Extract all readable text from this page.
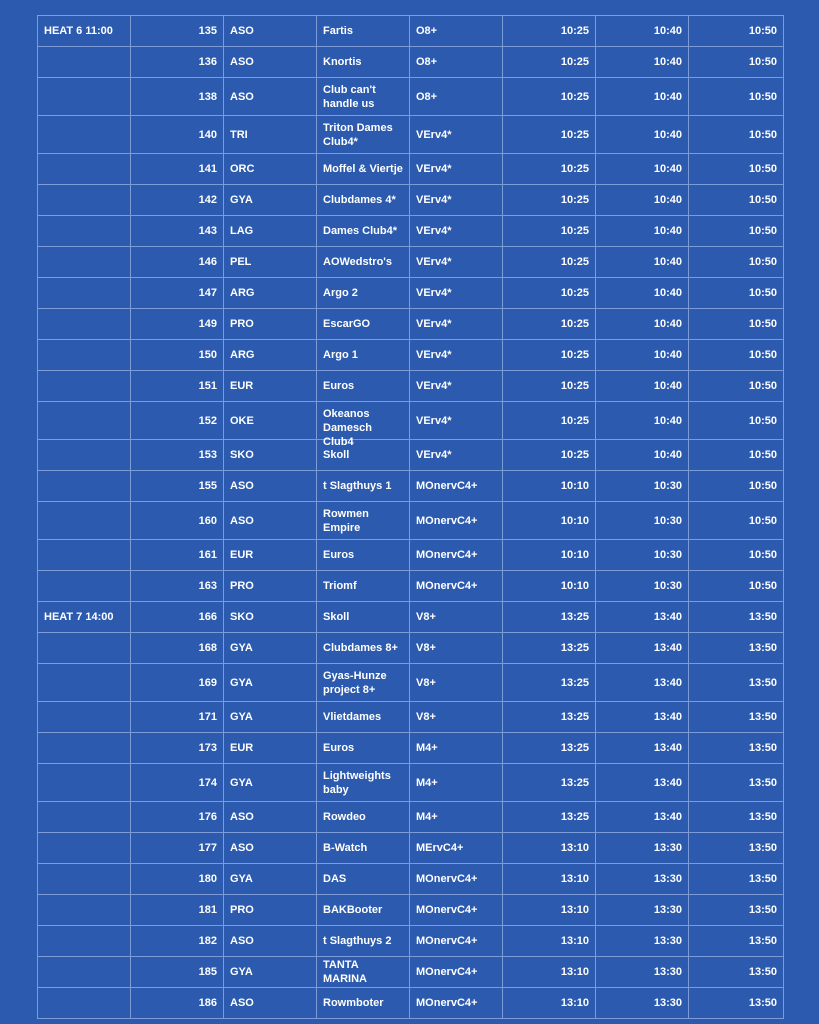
HEAT 6 11:00	135	ASO	Fartis	O8+	10:25	10:40	10:50
	136	ASO	Knortis	O8+	10:25	10:40	10:50
	138	ASO	Club can't handle us	O8+	10:25	10:40	10:50
	140	TRI	Triton Dames Club4*	VErv4*	10:25	10:40	10:50
	141	ORC	Moffel & Viertje	VErv4*	10:25	10:40	10:50
	142	GYA	Clubdames 4*	VErv4*	10:25	10:40	10:50
	143	LAG	Dames Club4*	VErv4*	10:25	10:40	10:50
	146	PEL	AOWedstro's	VErv4*	10:25	10:40	10:50
	147	ARG	Argo 2	VErv4*	10:25	10:40	10:50
	149	PRO	EscarGO	VErv4*	10:25	10:40	10:50
	150	ARG	Argo 1	VErv4*	10:25	10:40	10:50
	151	EUR	Euros	VErv4*	10:25	10:40	10:50
	152	OKE	Okeanos Damesch Club4	VErv4*	10:25	10:40	10:50
	153	SKO	Skoll	VErv4*	10:25	10:40	10:50
	155	ASO	t Slagthuys 1	MOnervC4+	10:10	10:30	10:50
	160	ASO	Rowmen Empire	MOnervC4+	10:10	10:30	10:50
	161	EUR	Euros	MOnervC4+	10:10	10:30	10:50
	163	PRO	Triomf	MOnervC4+	10:10	10:30	10:50
HEAT 7 14:00	166	SKO	Skoll	V8+	13:25	13:40	13:50
	168	GYA	Clubdames 8+	V8+	13:25	13:40	13:50
	169	GYA	Gyas-Hunze project 8+	V8+	13:25	13:40	13:50
	171	GYA	Vlietdames	V8+	13:25	13:40	13:50
	173	EUR	Euros	M4+	13:25	13:40	13:50
	174	GYA	Lightweights baby	M4+	13:25	13:40	13:50
	176	ASO	Rowdeo	M4+	13:25	13:40	13:50
	177	ASO	B-Watch	MErvC4+	13:10	13:30	13:50
	180	GYA	DAS	MOnervC4+	13:10	13:30	13:50
	181	PRO	BAKBooter	MOnervC4+	13:10	13:30	13:50
	182	ASO	t Slagthuys 2	MOnervC4+	13:10	13:30	13:50
	185	GYA	TANTA MARINA	MOnervC4+	13:10	13:30	13:50
	186	ASO	Rowmboter	MOnervC4+	13:10	13:30	13:50
